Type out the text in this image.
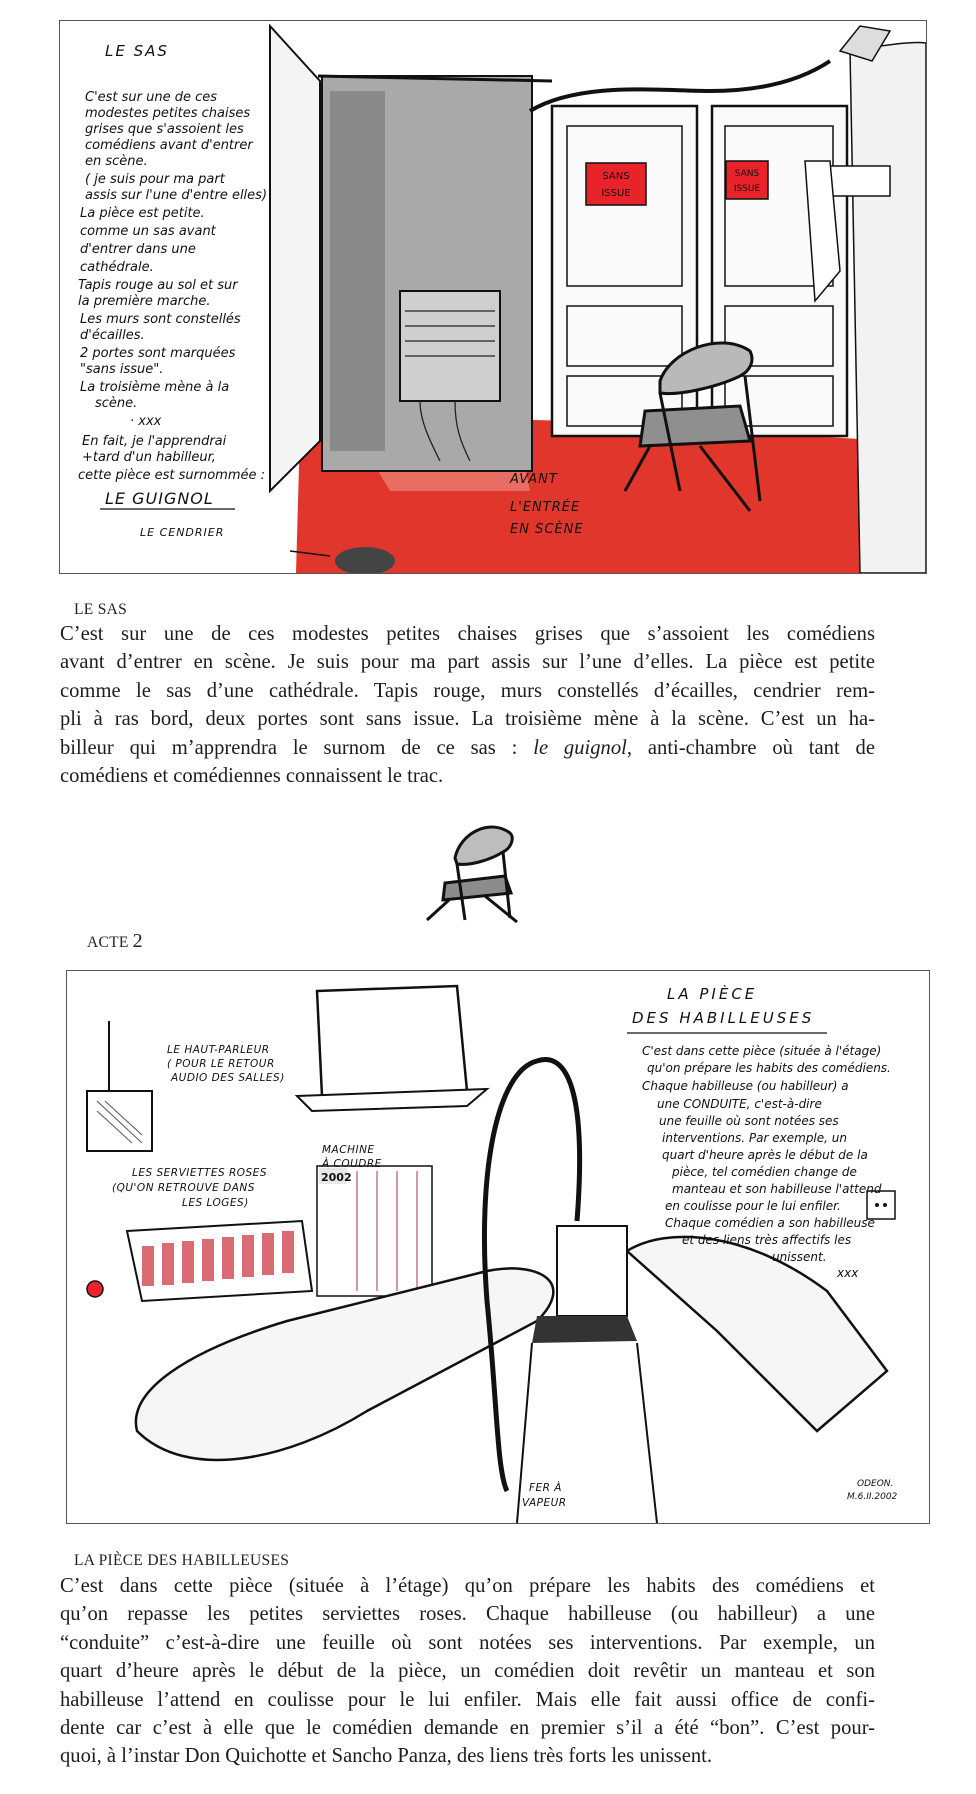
SANS
ISSUE
SANS
ISSUE
LE SAS
C'est sur une de ces modestes petites chaises grises que s'assoient les comédiens avant d'entrer en scène. ( je suis pour ma part assis sur l'une d'entre elles) La pièce est petite. comme un sas avant d'entrer dans une cathédrale. Tapis rouge au sol et sur la première marche. Les murs sont constellés d'écailles. 2 portes sont marquées "sans issue". La troisième mène à la scène. · xxx En fait, je l'apprendrai +tard d'un habilleur, cette pièce est surnommée :
LE GUIGNOL
LE CENDRIER
AVANT L'ENTRÉE EN SCÈNE
LE SAS
C’est sur une de ces modestes petites chaises grises que s’assoient les comédiens
avant d’entrer en scène. Je suis pour ma part assis sur l’une d’elles. La pièce est petite
comme le sas d’une cathédrale. Tapis rouge, murs constellés d’écailles, cendrier rem-
pli à ras bord, deux portes sont sans issue. La troisième mène à la scène. C’est un ha-
billeur qui m’apprendra le surnom de ce sas : le guignol, anti-chambre où tant de
comédiens et comédiennes connaissent le trac.
ACTE 2
2002
LA PIÈCE DES HABILLEUSES
C'est dans cette pièce (située à l'étage) qu'on prépare les habits des comédiens. Chaque habilleuse (ou habilleur) a une CONDUITE, c'est-à-dire une feuille où sont notées ses interventions. Par exemple, un quart d'heure après le début de la pièce, tel comédien change de manteau et son habilleuse l'attend en coulisse pour le lui enfiler. Chaque comédien a son habilleuse et des liens très affectifs les unissent. xxx
LE HAUT-PARLEUR ( POUR LE RETOUR AUDIO DES SALLES)
MACHINE À COUDRE
LES SERVIETTES ROSES (QU'ON RETROUVE DANS LES LOGES)
FER À VAPEUR
ODEON. M.6.II.2002
LA PIÈCE DES HABILLEUSES
C’est dans cette pièce (située à l’étage) qu’on prépare les habits des comédiens et
qu’on repasse les petites serviettes roses. Chaque habilleuse (ou habilleur) a une
“conduite” c’est-à-dire une feuille où sont notées ses interventions. Par exemple, un
quart d’heure après le début de la pièce, un comédien doit revêtir un manteau et son
habilleuse l’attend en coulisse pour le lui enfiler. Mais elle fait aussi office de confi-
dente car c’est à elle que le comédien demande en premier s’il a été “bon”. C’est pour-
quoi, à l’instar Don Quichotte et Sancho Panza, des liens très forts les unissent.
